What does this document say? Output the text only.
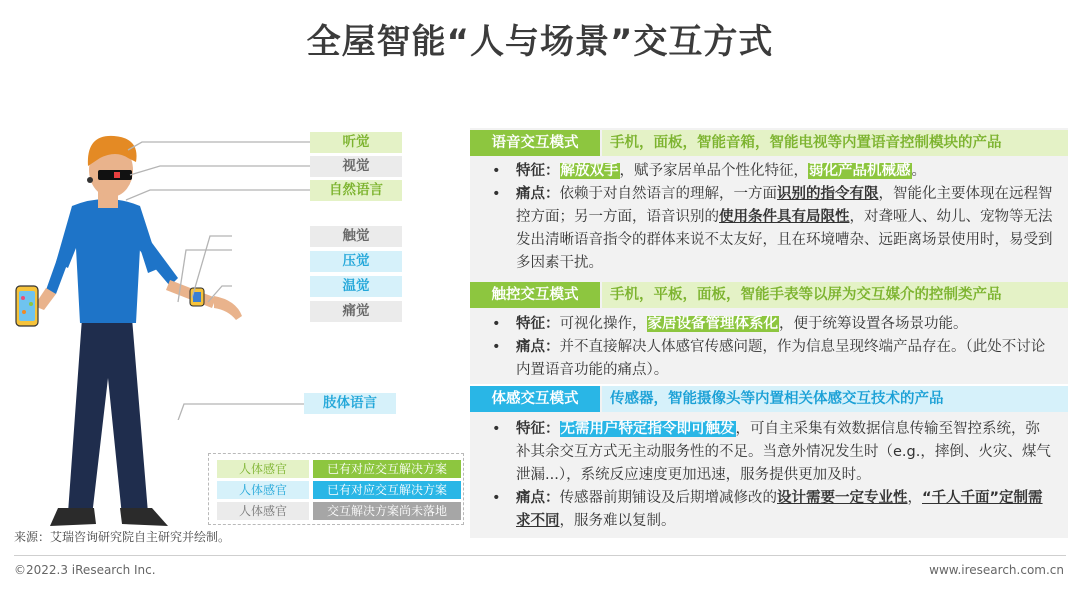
全屋智能“人与场景”交互方式
听觉
视觉
自然语言
触觉
压觉
温觉
痛觉
肢体语言
人体感官	已有对应交互解决方案
人体感官	已有对应交互解决方案
人体感官	交互解决方案尚未落地
来源：艾瑞咨询研究院自主研究并绘制。
©2022.3 iResearch Inc.	www.iresearch.com.cn
语音交互模式	手机，面板，智能音箱，智能电视等内置语音控制模块的产品
• 特征：解放双手，赋予家居单品个性化特征，弱化产品机械感。
• 痛点：依赖于对自然语言的理解，一方面识别的指令有限，智能化主要体现在远程智控方面；另一方面，语音识别的使用条件具有局限性，对聋哑人、幼儿、宠物等无法发出清晰语音指令的群体来说不太友好，且在环境嘈杂、远距离场景使用时，易受到多因素干扰。
触控交互模式	手机，平板，面板，智能手表等以屏为交互媒介的控制类产品
• 特征：可视化操作，家居设备管理体系化，便于统筹设置各场景功能。
• 痛点：并不直接解决人体感官传感问题，作为信息呈现终端产品存在。（此处不讨论内置语音功能的痛点）。
体感交互模式	传感器，智能摄像头等内置相关体感交互技术的产品
• 特征：无需用户特定指令即可触发，可自主采集有效数据信息传输至智控系统，弥补其余交互方式无主动服务性的不足。当意外情况发生时（e.g.，摔倒、火灾、煤气泄漏...），系统反应速度更加迅速，服务提供更加及时。
• 痛点：传感器前期铺设及后期增减修改的设计需要一定专业性，“千人千面”定制需求不同，服务难以复制。
